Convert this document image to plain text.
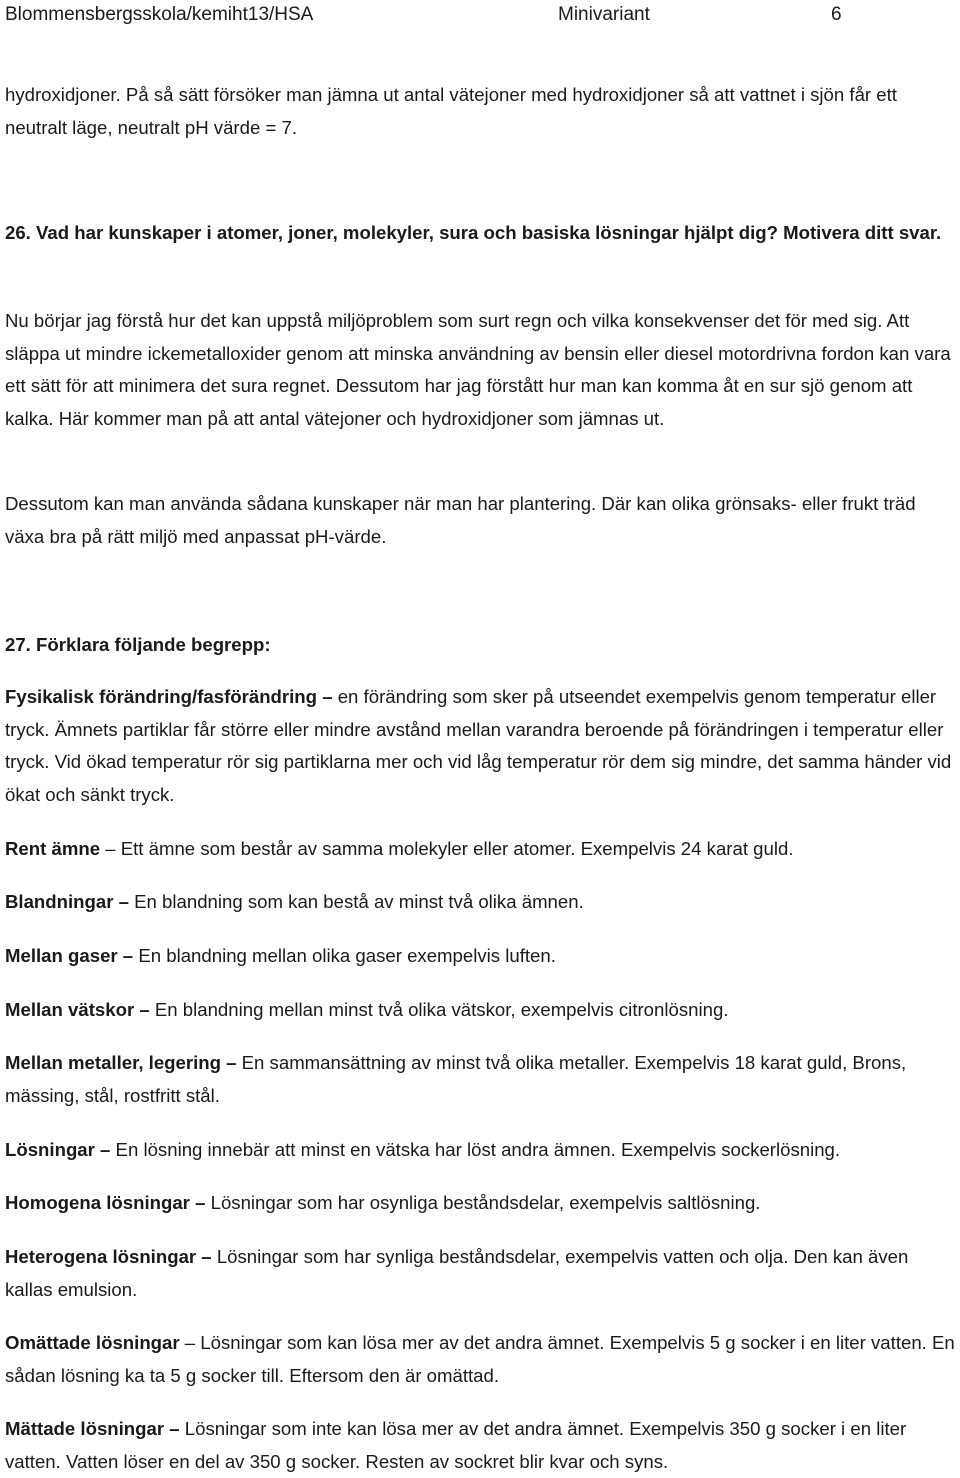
Blommensbergsskola/kemiht13/HSA	Minivariant	6

hydroxidjoner. På så sätt försöker man jämna ut antal vätejoner med hydroxidjoner så att vattnet i sjön får ett neutralt läge, neutralt pH värde = 7.

26. Vad har kunskaper i atomer, joner, molekyler, sura och basiska lösningar hjälpt dig? Motivera ditt svar.

Nu börjar jag förstå hur det kan uppstå miljöproblem som surt regn och vilka konsekvenser det för med sig. Att släppa ut mindre ickemetalloxider genom att minska användning av bensin eller diesel motordrivna fordon kan vara ett sätt för att minimera det sura regnet. Dessutom har jag förstått hur man kan komma åt en sur sjö genom att kalka. Här kommer man på att antal vätejoner och hydroxidjoner som jämnas ut.

Dessutom kan man använda sådana kunskaper när man har plantering. Där kan olika grönsaks- eller frukt träd växa bra på rätt miljö med anpassat pH-värde.

27. Förklara följande begrepp:

Fysikalisk förändring/fasförändring – en förändring som sker på utseendet exempelvis genom temperatur eller tryck. Ämnets partiklar får större eller mindre avstånd mellan varandra beroende på förändringen i temperatur eller tryck. Vid ökad temperatur rör sig partiklarna mer och vid låg temperatur rör dem sig mindre, det samma händer vid ökat och sänkt tryck.

Rent ämne – Ett ämne som består av samma molekyler eller atomer. Exempelvis 24 karat guld.

Blandningar – En blandning som kan bestå av minst två olika ämnen.

Mellan gaser – En blandning mellan olika gaser exempelvis luften.

Mellan vätskor – En blandning mellan minst två olika vätskor, exempelvis citronlösning.

Mellan metaller, legering – En sammansättning av minst två olika metaller. Exempelvis 18 karat guld, Brons, mässing, stål, rostfritt stål.

Lösningar – En lösning innebär att minst en vätska har löst andra ämnen. Exempelvis sockerlösning.

Homogena lösningar – Lösningar som har osynliga beståndsdelar, exempelvis saltlösning.

Heterogena lösningar – Lösningar som har synliga beståndsdelar, exempelvis vatten och olja. Den kan även kallas emulsion.

Omättade lösningar – Lösningar som kan lösa mer av det andra ämnet. Exempelvis 5 g socker i en liter vatten. En sådan lösning ka ta 5 g socker till. Eftersom den är omättad.

Mättade lösningar – Lösningar som inte kan lösa mer av det andra ämnet. Exempelvis 350 g socker i en liter vatten. Vatten löser en del av 350 g socker. Resten av sockret blir kvar och syns.
